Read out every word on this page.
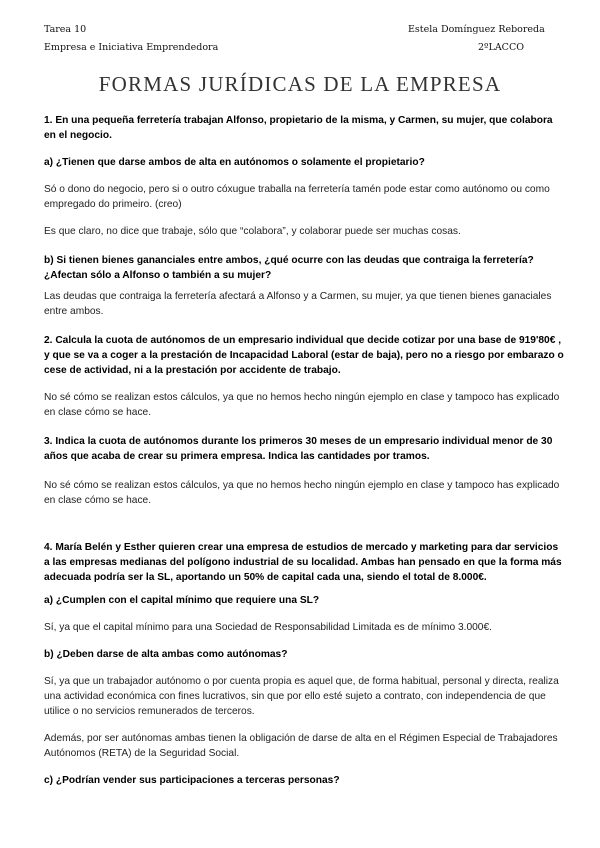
Tarea 10
Empresa e Iniciativa Emprendedora
Estela Domínguez Reboreda
2ºLACCO
FORMAS JURÍDICAS DE LA EMPRESA

1. En una pequeña ferretería trabajan Alfonso, propietario de la misma, y Carmen, su mujer, que colabora en el negocio.

a) ¿Tienen que darse ambos de alta en autónomos o solamente el propietario?

Só o dono do negocio, pero si o outro cóxugue traballa na ferretería tamén pode estar como autónomo ou como empregado do primeiro. (creo)

Es que claro, no dice que trabaje, sólo que “colabora”, y colaborar puede ser muchas cosas.

b) Si tienen bienes gananciales entre ambos, ¿qué ocurre con las deudas que contraiga la ferretería? ¿Afectan sólo a Alfonso o también a su mujer?

Las deudas que contraiga la ferretería afectará a Alfonso y a Carmen, su mujer, ya que tienen bienes ganaciales entre ambos.

2. Calcula la cuota de autónomos de un empresario individual que decide cotizar por una base de 919'80€ , y que se va a coger a la prestación de Incapacidad Laboral (estar de baja), pero no a riesgo por embarazo o cese de actividad, ni a la prestación por accidente de trabajo.

No sé cómo se realizan estos cálculos, ya que no hemos hecho ningún ejemplo en clase y tampoco has explicado en clase cómo se hace.

3. Indica la cuota de autónomos durante los primeros 30 meses de un empresario individual menor de 30 años que acaba de crear su primera empresa. Indica las cantidades por tramos.

No sé cómo se realizan estos cálculos, ya que no hemos hecho ningún ejemplo en clase y tampoco has explicado en clase cómo se hace.

4. María Belén y Esther quieren crear una empresa de estudios de mercado y marketing para dar servicios a las empresas medianas del polígono industrial de su localidad. Ambas han pensado en que la forma más adecuada podría ser la SL, aportando un 50% de capital cada una, siendo el total de 8.000€.

a) ¿Cumplen con el capital mínimo que requiere una SL?

Sí, ya que el capital mínimo para una Sociedad de Responsabilidad Limitada es de mínimo 3.000€.

b) ¿Deben darse de alta ambas como autónomas?

Sí, ya que un trabajador autónomo o por cuenta propia es aquel que, de forma habitual, personal y directa, realiza una actividad económica con fines lucrativos, sin que por ello esté sujeto a contrato, con independencia de que utilice o no servicios remunerados de terceros.

Además, por ser autónomas ambas tienen la obligación de darse de alta en el Régimen Especial de Trabajadores Autónomos (RETA) de la Seguridad Social.

c) ¿Podrían vender sus participaciones a terceras personas?
